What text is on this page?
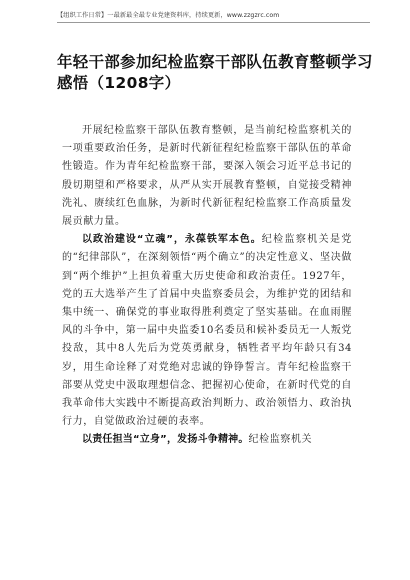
【组织工作日常】一最新最全最专业党建资料库，持续更新，www.zzgzrc.com
年轻干部参加纪检监察干部队伍教育整顿学习感悟（1208字）

开展纪检监察干部队伍教育整顿，是当前纪检监察机关的一项重要政治任务，是新时代新征程纪检监察干部队伍的革命性锻造。作为青年纪检监察干部，要深入领会习近平总书记的殷切期望和严格要求，从严从实开展教育整顿，自觉接受精神洗礼、赓续红色血脉，为新时代新征程纪检监察工作高质量发展贡献力量。

以政治建设“立魂”，永葆铁军本色。纪检监察机关是党的“纪律部队”，在深刻领悟“两个确立”的决定性意义、坚决做到“两个维护”上担负着重大历史使命和政治责任。1927年，党的五大选举产生了首届中央监察委员会，为维护党的团结和集中统一、确保党的事业取得胜利奠定了坚实基础。在血雨腥风的斗争中，第一届中央监委10名委员和候补委员无一人叛党投敌，其中8人先后为党英勇献身，牺牲者平均年龄只有34岁，用生命诠释了对党绝对忠诚的铮铮誓言。青年纪检监察干部要从党史中汲取理想信念、把握初心使命，在新时代党的自我革命伟大实践中不断提高政治判断力、政治领悟力、政治执行力，自觉做政治过硬的表率。

以责任担当“立身”，发扬斗争精神。纪检监察机关
